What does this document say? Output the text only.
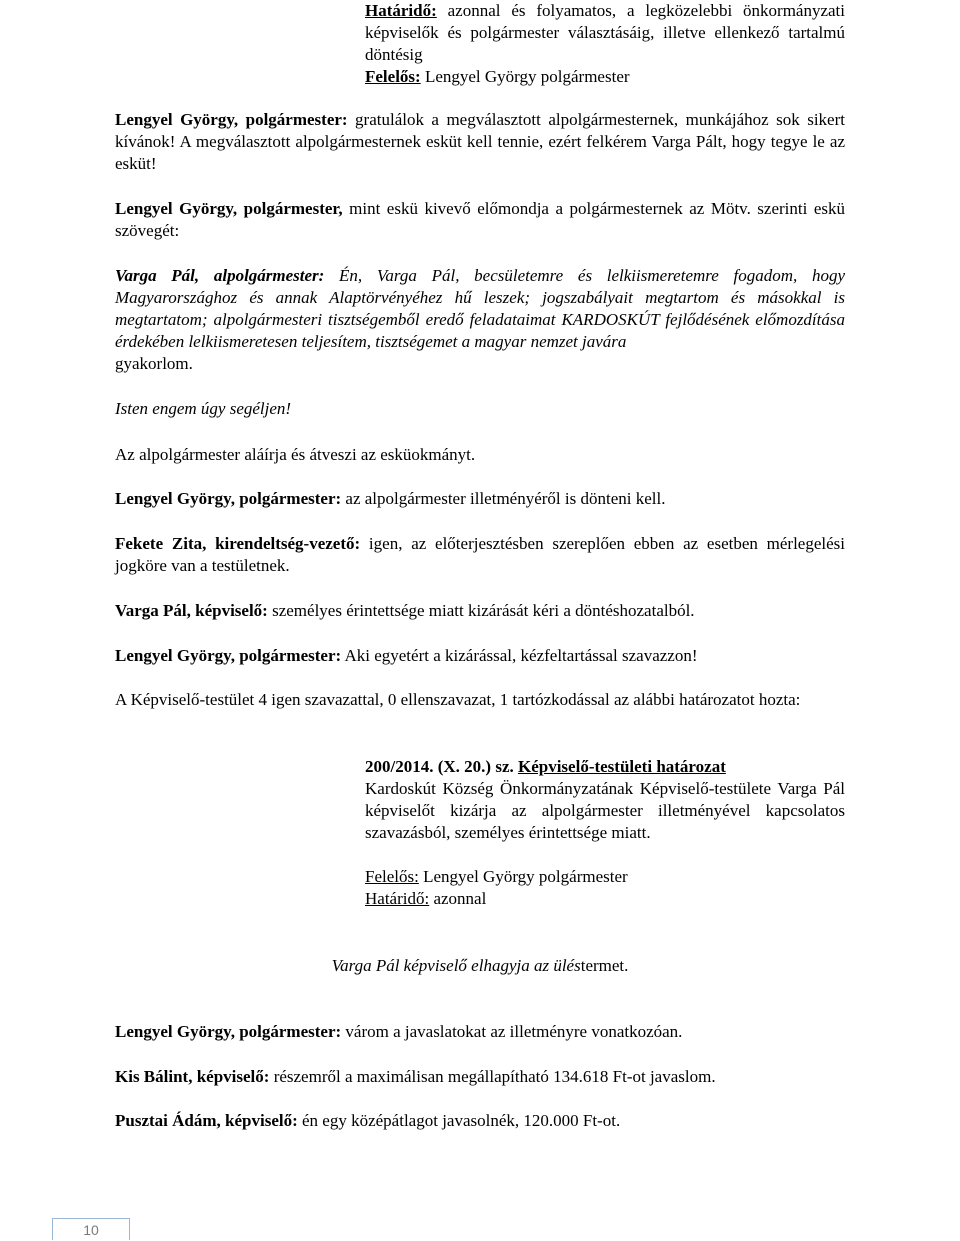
Határidő: azonnal és folyamatos, a legközelebbi önkormányzati képviselők és polgármester választásáig, illetve ellenkező tartalmú döntésig
Felelős: Lengyel György polgármester
Lengyel György, polgármester: gratulálok a megválasztott alpolgármesternek, munkájához sok sikert kívánok! A megválasztott alpolgármesternek esküt kell tennie, ezért felkérem Varga Pált, hogy tegye le az esküt!
Lengyel György, polgármester, mint eskü kivevő előmondja a polgármesternek az Mötv. szerinti eskü szövegét:
Varga Pál, alpolgármester: Én, Varga Pál, becsületemre és lelkiismeretemre fogadom, hogy Magyarországhoz és annak Alaptörvényéhez hű leszek; jogszabályait megtartom és másokkal is megtartatom; alpolgármesteri tisztségemből eredő feladataimat KARDOSKÚT fejlődésének előmozdítása érdekében lelkiismeretesen teljesítem, tisztségemet a magyar nemzet javára
gyakorlom.
Isten engem úgy segéljen!
Az alpolgármester aláírja és átveszi az esküokmányt.
Lengyel György, polgármester: az alpolgármester illetményéről is dönteni kell.
Fekete Zita, kirendeltség-vezető: igen, az előterjesztésben szereplően ebben az esetben mérlegelési jogköre van a testületnek.
Varga Pál, képviselő: személyes érintettsége miatt kizárását kéri a döntéshozatalból.
Lengyel György, polgármester: Aki egyetért a kizárással, kézfeltartással szavazzon!
A Képviselő-testület 4 igen szavazattal, 0 ellenszavazat, 1 tartózkodással az alábbi határozatot hozta:
200/2014. (X. 20.) sz. Képviselő-testületi határozat
Kardoskút Község Önkormányzatának Képviselő-testülete Varga Pál képviselőt kizárja az alpolgármester illetményével kapcsolatos szavazásból, személyes érintettsége miatt.
Felelős: Lengyel György polgármester
Határidő: azonnal
Varga Pál képviselő elhagyja az üléstermet.
Lengyel György, polgármester: várom a javaslatokat az illetményre vonatkozóan.
Kis Bálint, képviselő: részemről a maximálisan megállapítható 134.618 Ft-ot javaslom.
Pusztai Ádám, képviselő: én egy középátlagot javasolnék, 120.000 Ft-ot.
10
